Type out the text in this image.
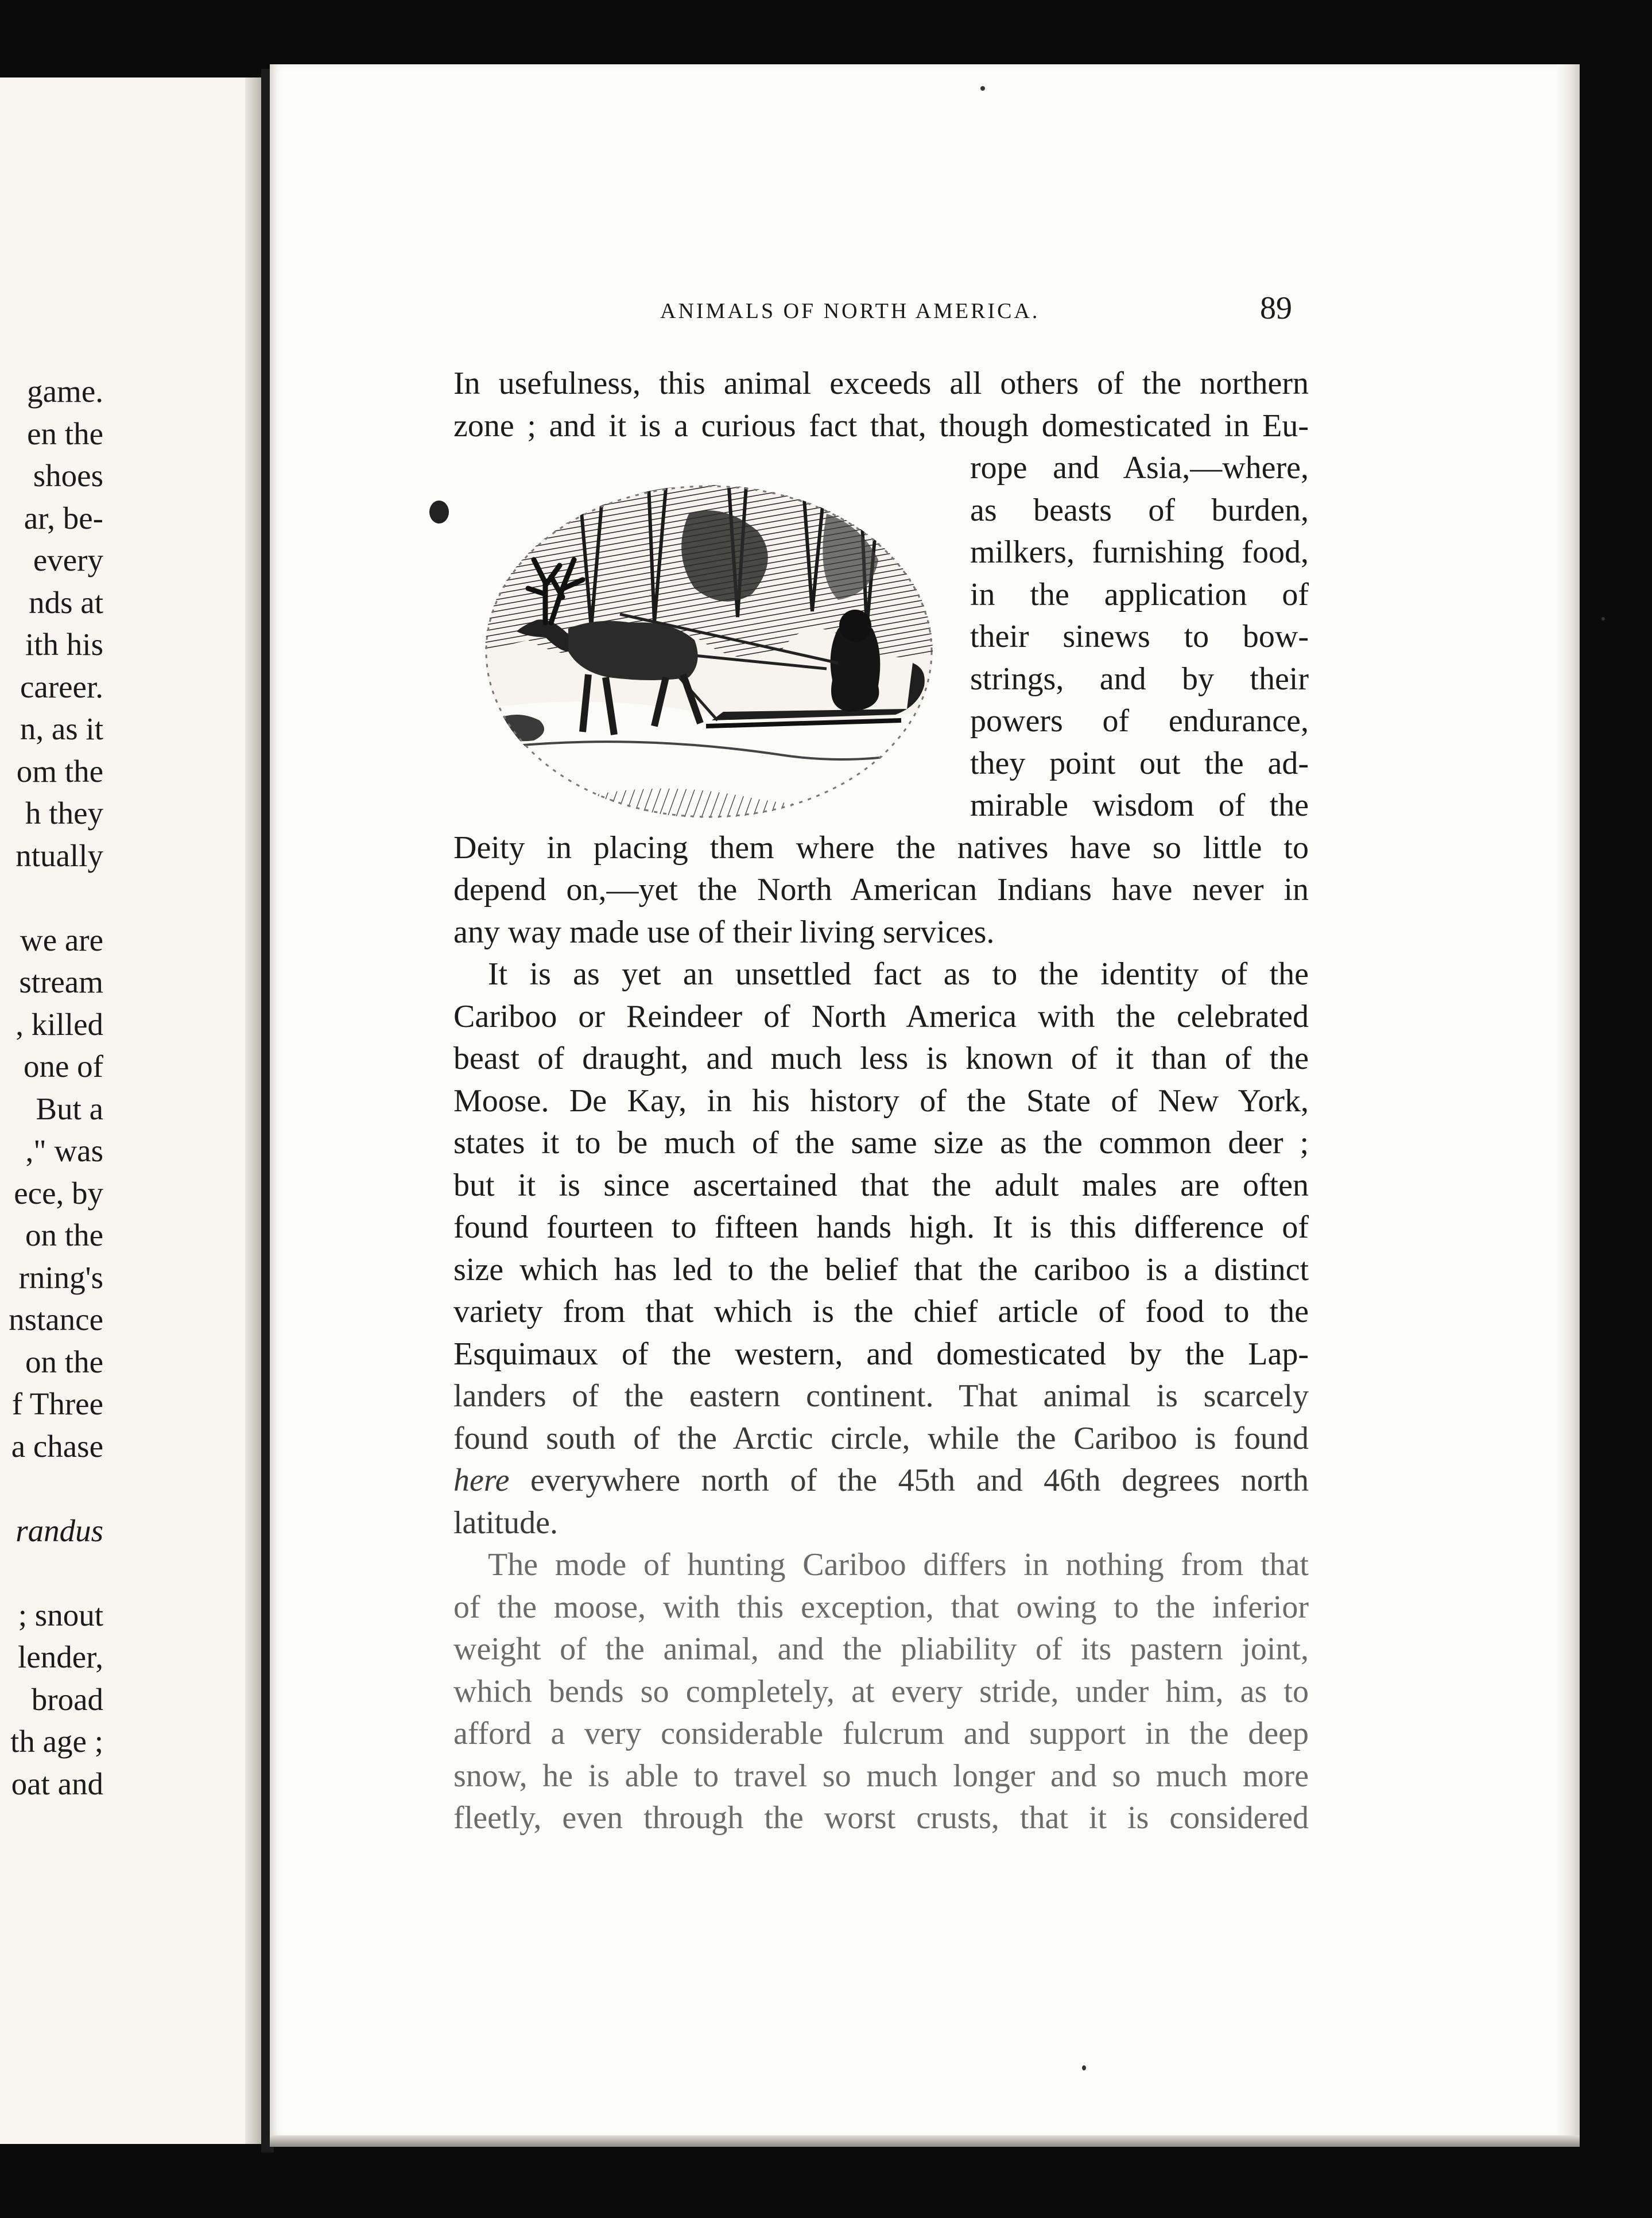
game.
en the
shoes
ar, be-
every
nds at
ith his
career.
n, as it
om the
h they
ntually
we are
stream
, killed
one of
But a
," was
ece, by
on the
rning's
nstance
on the
f Three
a chase
randus
; snout
lender,
broad
th age ;
oat and
ANIMALS OF NORTH AMERICA.	89
In usefulness, this animal exceeds all others of the northern
zone ; and it is a curious fact that, though domesticated in Eu-
rope and Asia,—where,
as beasts of burden,
milkers, furnishing food,
in the application of
their sinews to bow-
strings, and by their
powers of endurance,
they point out the ad-
mirable wisdom of the
Deity in placing them where the natives have so little to
depend on,—yet the North American Indians have never in
any way made use of their living services.
It is as yet an unsettled fact as to the identity of the
Cariboo or Reindeer of North America with the celebrated
beast of draught, and much less is known of it than of the
Moose. De Kay, in his history of the State of New York,
states it to be much of the same size as the common deer ;
but it is since ascertained that the adult males are often
found fourteen to fifteen hands high. It is this difference of
size which has led to the belief that the cariboo is a distinct
variety from that which is the chief article of food to the
Esquimaux of the western, and domesticated by the Lap-
landers of the eastern continent. That animal is scarcely
found south of the Arctic circle, while the Cariboo is found
here everywhere north of the 45th and 46th degrees north
latitude.
The mode of hunting Cariboo differs in nothing from that
of the moose, with this exception, that owing to the inferior
weight of the animal, and the pliability of its pastern joint,
which bends so completely, at every stride, under him, as to
afford a very considerable fulcrum and support in the deep
snow, he is able to travel so much longer and so much more
fleetly, even through the worst crusts, that it is considered
